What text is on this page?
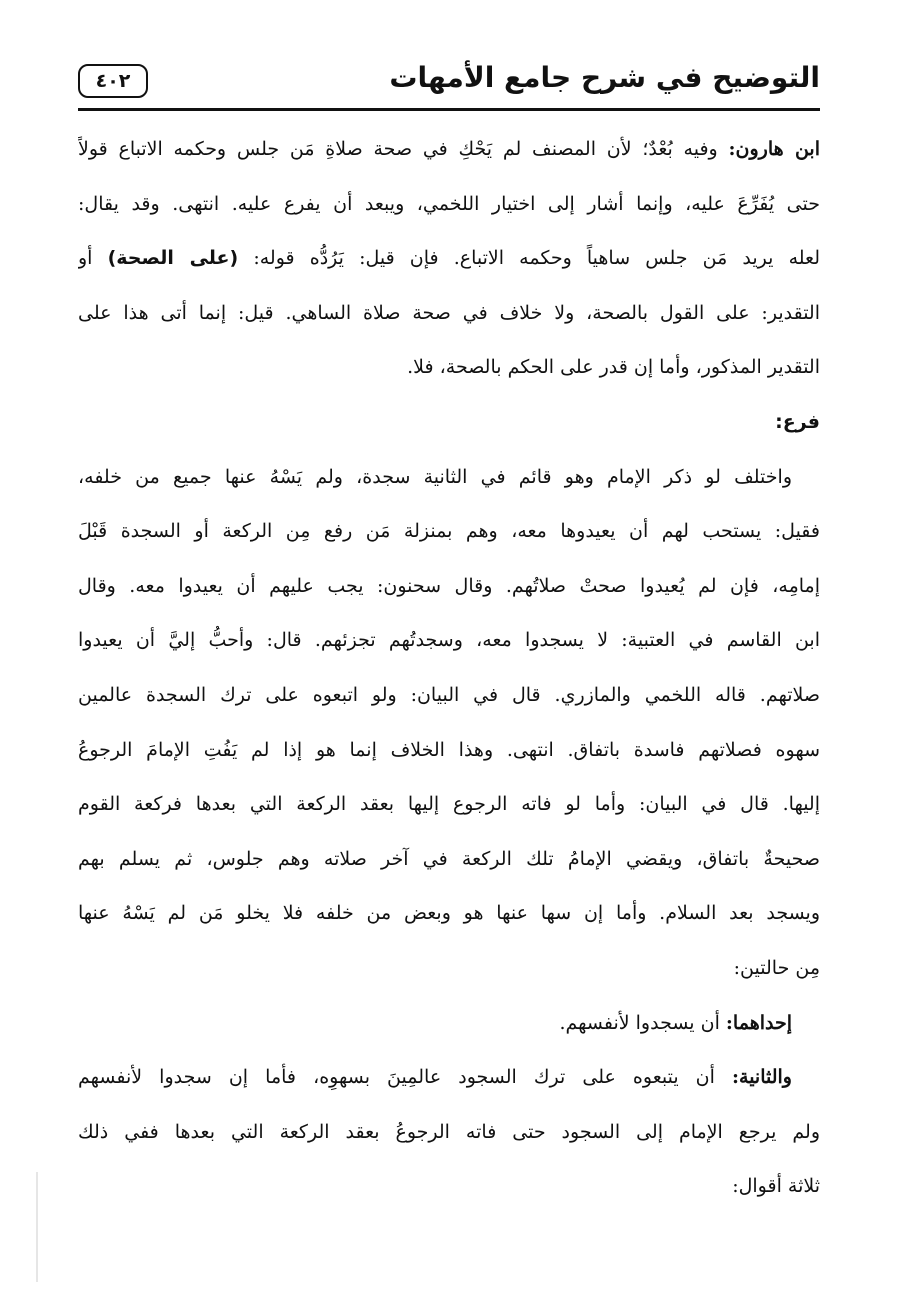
التوضيح في شرح جامع الأمهات
٤٠٢
ابن هارون: وفيه بُعْدٌ؛ لأن المصنف لم يَحْكِ في صحة صلاةِ مَن جلس وحكمه الاتباع قولاً
حتى يُفَرِّعَ عليه، وإنما أشار إلى اختيار اللخمي، ويبعد أن يفرع عليه. انتهى. وقد يقال:
لعله يريد مَن جلس ساهياً وحكمه الاتباع. فإن قيل: يَرُدُّه قوله: (على الصحة) أو
التقدير: على القول بالصحة، ولا خلاف في صحة صلاة الساهي. قيل: إنما أتى هذا على
التقدير المذكور، وأما إن قدر على الحكم بالصحة، فلا.
فرع:
واختلف لو ذكر الإمام وهو قائم في الثانية سجدة، ولم يَسْهُ عنها جميع من خلفه،
فقيل: يستحب لهم أن يعيدوها معه، وهم بمنزلة مَن رفع مِن الركعة أو السجدة قَبْلَ
إمامِه، فإن لم يُعيدوا صحتْ صلاتُهم. وقال سحنون: يجب عليهم أن يعيدوا معه. وقال
ابن القاسم في العتبية: لا يسجدوا معه، وسجدتُهم تجزئهم. قال: وأحبُّ إليَّ أن يعيدوا
صلاتهم. قاله اللخمي والمازري. قال في البيان: ولو اتبعوه على ترك السجدة عالمين
سهوه فصلاتهم فاسدة باتفاق. انتهى. وهذا الخلاف إنما هو إذا لم يَفُتِ الإمامَ الرجوعُ
إليها. قال في البيان: وأما لو فاته الرجوع إليها بعقد الركعة التي بعدها فركعة القوم
صحيحةٌ باتفاق، ويقضي الإمامُ تلك الركعة في آخر صلاته وهم جلوس، ثم يسلم بهم
ويسجد بعد السلام. وأما إن سها عنها هو وبعض من خلفه فلا يخلو مَن لم يَسْهُ عنها
مِن حالتين:
إحداهما: أن يسجدوا لأنفسهم.
والثانية: أن يتبعوه على ترك السجود عالمِينَ بسهوِه، فأما إن سجدوا لأنفسهم
ولم يرجع الإمام إلى السجود حتى فاته الرجوعُ بعقد الركعة التي بعدها ففي ذلك
ثلاثة أقوال:
